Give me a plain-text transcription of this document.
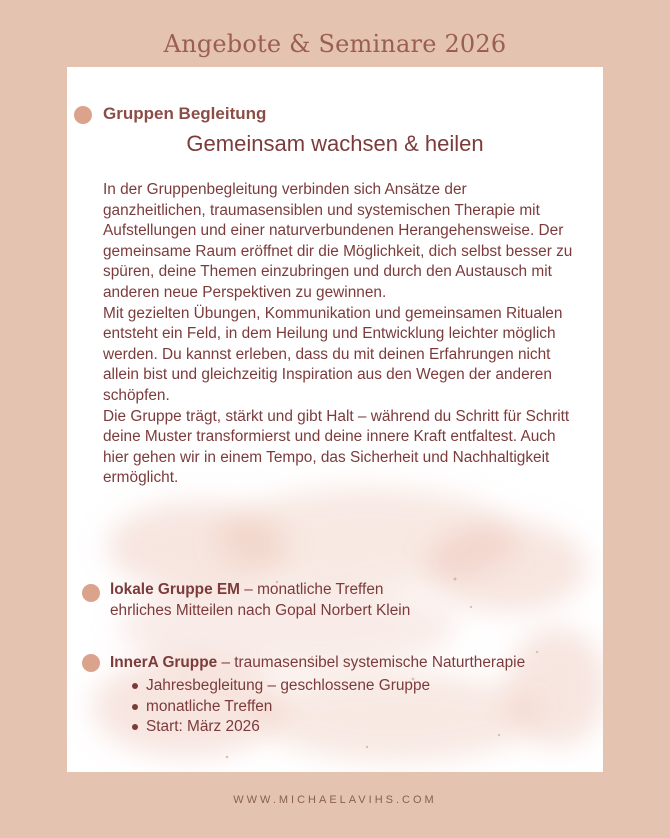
Angebote & Seminare 2026
Gruppen Begleitung
Gemeinsam wachsen & heilen

In der Gruppenbegleitung verbinden sich Ansätze der ganzheitlichen, traumasensiblen und systemischen Therapie mit Aufstellungen und einer naturverbundenen Herangehensweise. Der gemeinsame Raum eröffnet dir die Möglichkeit, dich selbst besser zu spüren, deine Themen einzubringen und durch den Austausch mit anderen neue Perspektiven zu gewinnen.

Mit gezielten Übungen, Kommunikation und gemeinsamen Ritualen entsteht ein Feld, in dem Heilung und Entwicklung leichter möglich werden. Du kannst erleben, dass du mit deinen Erfahrungen nicht allein bist und gleichzeitig Inspiration aus den Wegen der anderen schöpfen.

Die Gruppe trägt, stärkt und gibt Halt – während du Schritt für Schritt deine Muster transformierst und deine innere Kraft entfaltest. Auch hier gehen wir in einem Tempo, das Sicherheit und Nachhaltigkeit ermöglicht.

lokale Gruppe EM – monatliche Treffen
ehrliches Mitteilen nach Gopal Norbert Klein
InnerA Gruppe – traumasensibel systemische Naturtherapie
Jahresbegleitung – geschlossene Gruppe
monatliche Treffen
Start: März 2026
WWW.MICHAELAVIHS.COM
